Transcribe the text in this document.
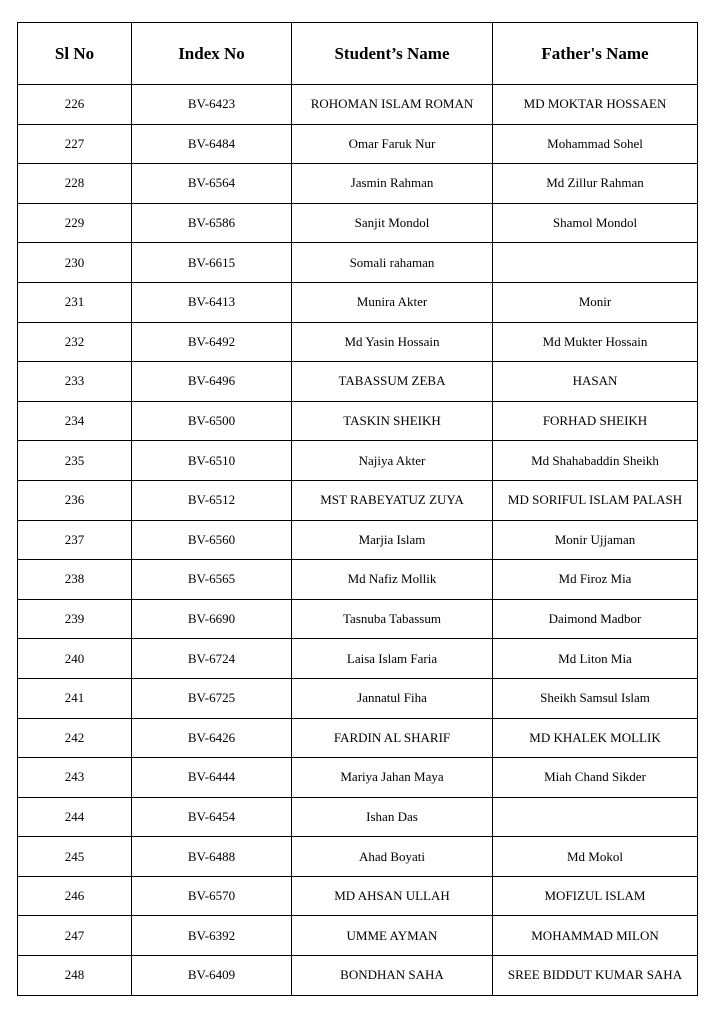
Sl No	Index No	Student’s Name	Father's Name
226	BV-6423	ROHOMAN ISLAM ROMAN	MD MOKTAR HOSSAEN
227	BV-6484	Omar Faruk Nur	Mohammad Sohel
228	BV-6564	Jasmin Rahman	Md Zillur Rahman
229	BV-6586	Sanjit Mondol	Shamol Mondol
230	BV-6615	Somali rahaman	
231	BV-6413	Munira Akter	Monir
232	BV-6492	Md Yasin Hossain	Md Mukter Hossain
233	BV-6496	TABASSUM ZEBA	HASAN
234	BV-6500	TASKIN SHEIKH	FORHAD SHEIKH
235	BV-6510	Najiya Akter	Md Shahabaddin Sheikh
236	BV-6512	MST RABEYATUZ ZUYA	MD SORIFUL ISLAM PALASH
237	BV-6560	Marjia Islam	Monir Ujjaman
238	BV-6565	Md Nafiz Mollik	Md Firoz Mia
239	BV-6690	Tasnuba Tabassum	Daimond Madbor
240	BV-6724	Laisa Islam Faria	Md Liton Mia
241	BV-6725	Jannatul Fiha	Sheikh Samsul Islam
242	BV-6426	FARDIN AL SHARIF	MD KHALEK MOLLIK
243	BV-6444	Mariya Jahan Maya	Miah Chand Sikder
244	BV-6454	Ishan Das	
245	BV-6488	Ahad Boyati	Md Mokol
246	BV-6570	MD AHSAN ULLAH	MOFIZUL ISLAM
247	BV-6392	UMME AYMAN	MOHAMMAD MILON
248	BV-6409	BONDHAN SAHA	SREE BIDDUT KUMAR SAHA
